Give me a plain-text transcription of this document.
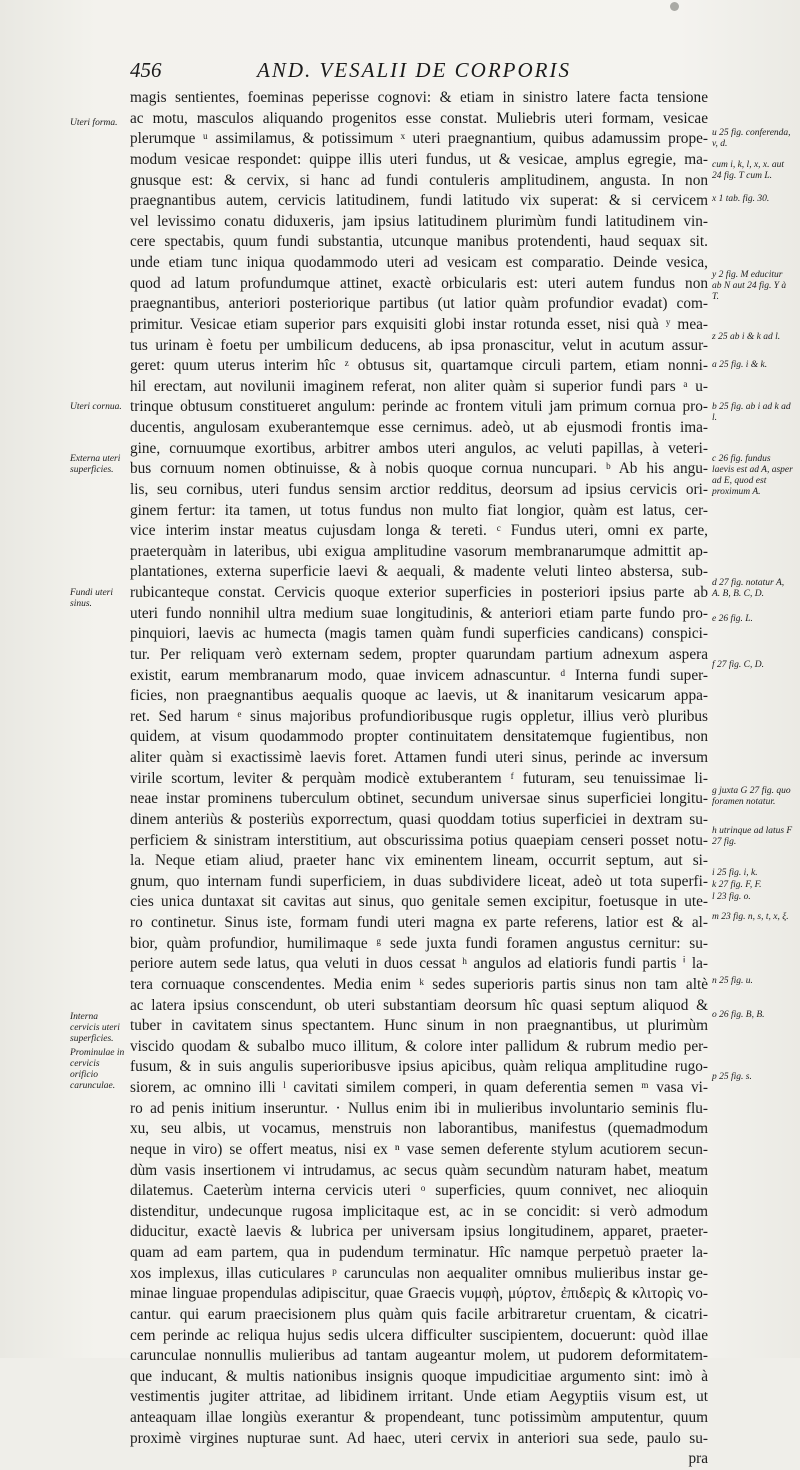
456	AND. VESALII DE CORPORIS
magis sentientes, foeminas peperisse cognovi: & etiam in sinistro latere facta tensione
ac motu, masculos aliquando progenitos esse constat. Muliebris uteri formam, vesicae
plerumque ᵘ assimilamus, & potissimum ˣ uteri praegnantium, quibus adamussim prope-
modum vesicae respondet: quippe illis uteri fundus, ut & vesicae, amplus egregie, ma-
gnusque est: & cervix, si hanc ad fundi contuleris amplitudinem, angusta. In non
praegnantibus autem, cervicis latitudinem, fundi latitudo vix superat: & si cervicem
vel levissimo conatu diduxeris, jam ipsius latitudinem plurimùm fundi latitudinem vin-
cere spectabis, quum fundi substantia, utcunque manibus protendenti, haud sequax sit.
unde etiam tunc iniqua quodammodo uteri ad vesicam est comparatio. Deinde vesica,
quod ad latum profundumque attinet, exactè orbicularis est: uteri autem fundus non
praegnantibus, anteriori posteriorique partibus (ut latior quàm profundior evadat) com-
primitur. Vesicae etiam superior pars exquisiti globi instar rotunda esset, nisi quà ʸ mea-
tus urinam è foetu per umbilicum deducens, ab ipsa pronascitur, velut in acutum assur-
geret: quum uterus interim hîc ᶻ obtusus sit, quartamque circuli partem, etiam nonni-
hil erectam, aut novilunii imaginem referat, non aliter quàm si superior fundi pars ᵃ u-
trinque obtusum constitueret angulum: perinde ac frontem vituli jam primum cornua pro-
ducentis, angulosam exuberantemque esse cernimus. adeò, ut ab ejusmodi frontis ima-
gine, cornuumque exortibus, arbitrer ambos uteri angulos, ac veluti papillas, à veteri-
bus cornuum nomen obtinuisse, & à nobis quoque cornua nuncupari. ᵇ Ab his angu-
lis, seu cornibus, uteri fundus sensim arctior redditus, deorsum ad ipsius cervicis ori-
ginem fertur: ita tamen, ut totus fundus non multo fiat longior, quàm est latus, cer-
vice interim instar meatus cujusdam longa & tereti. ᶜ Fundus uteri, omni ex parte,
praeterquàm in lateribus, ubi exigua amplitudine vasorum membranarumque admittit ap-
plantationes, externa superficie laevi & aequali, & madente veluti linteo abstersa, sub-
rubicanteque constat. Cervicis quoque exterior superficies in posteriori ipsius parte ab
uteri fundo nonnihil ultra medium suae longitudinis, & anteriori etiam parte fundo pro-
pinquiori, laevis ac humecta (magis tamen quàm fundi superficies candicans) conspici-
tur. Per reliquam verò externam sedem, propter quarundam partium adnexum aspera
existit, earum membranarum modo, quae invicem adnascuntur. ᵈ Interna fundi super-
ficies, non praegnantibus aequalis quoque ac laevis, ut & inanitarum vesicarum appa-
ret. Sed harum ᵉ sinus majoribus profundioribusque rugis oppletur, illius verò pluribus
quidem, at visum quodammodo propter continuitatem densitatemque fugientibus, non
aliter quàm si exactissimè laevis foret. Attamen fundi uteri sinus, perinde ac inversum
virile scortum, leviter & perquàm modicè extuberantem ᶠ futuram, seu tenuissimae li-
neae instar prominens tuberculum obtinet, secundum universae sinus superficiei longitu-
dinem anteriùs & posteriùs exporrectum, quasi quoddam totius superficiei in dextram su-
perficiem & sinistram interstitium, aut obscurissima potius quaepiam censeri posset notu-
la. Neque etiam aliud, praeter hanc vix eminentem lineam, occurrit septum, aut si-
gnum, quo internam fundi superficiem, in duas subdividere liceat, adeò ut tota superfi-
cies unica duntaxat sit cavitas aut sinus, quo genitale semen excipitur, foetusque in ute-
ro continetur. Sinus iste, formam fundi uteri magna ex parte referens, latior est & al-
bior, quàm profundior, humilimaque ᵍ sede juxta fundi foramen angustus cernitur: su-
periore autem sede latus, qua veluti in duos cessat ʰ angulos ad elatioris fundi partis ⁱ la-
tera cornuaque conscendentes. Media enim ᵏ sedes superioris partis sinus non tam altè
ac latera ipsius conscendunt, ob uteri substantiam deorsum hîc quasi septum aliquod &
tuber in cavitatem sinus spectantem. Hunc sinum in non praegnantibus, ut plurimùm
viscido quodam & subalbo muco illitum, & colore inter pallidum & rubrum medio per-
fusum, & in suis angulis superioribusve ipsius apicibus, quàm reliqua amplitudine rugo-
siorem, ac omnino illi ˡ cavitati similem comperi, in quam deferentia semen ᵐ vasa vi-
ro ad penis initium inseruntur. · Nullus enim ibi in mulieribus involuntario seminis flu-
xu, seu albis, ut vocamus, menstruis non laborantibus, manifestus (quemadmodum
neque in viro) se offert meatus, nisi ex ⁿ vase semen deferente stylum acutiorem secun-
dùm vasis insertionem vi intrudamus, ac secus quàm secundùm naturam habet, meatum
dilatemus. Caeterùm interna cervicis uteri ᵒ superficies, quum connivet, nec alioquin
distenditur, undecunque rugosa implicitaque est, ac in se concidit: si verò admodum
diducitur, exactè laevis & lubrica per universam ipsius longitudinem, apparet, praeter-
quam ad eam partem, qua in pudendum terminatur. Hîc namque perpetuò praeter la-
xos implexus, illas cuticulares ᵖ carunculas non aequaliter omnibus mulieribus instar ge-
minae linguae propendulas adipiscitur, quae Graecis νυμφὴ, μύρτον, ἐπιδερὶς & κλιτορὶς vo-
cantur. qui earum praecisionem plus quàm quis facile arbitraretur cruentam, & cicatri-
cem perinde ac reliqua hujus sedis ulcera difficulter suscipientem, docuerunt: quòd illae
carunculae nonnullis mulieribus ad tantam augeantur molem, ut pudorem deformitatem-
que inducant, & multis nationibus insignis quoque impudicitiae argumento sint: imò à
vestimentis jugiter attritae, ad libidinem irritant. Unde etiam Aegyptiis visum est, ut
anteaquam illae longiùs exerantur & propendeant, tunc potissimùm amputentur, quum
proximè virgines nupturae sunt. Ad haec, uteri cervix in anteriori sua sede, paulo su-
pra
Uteri forma.
Uteri cornua.
Externa uteri superficies.
Fundi uteri sinus.
Interna cervicis uteri superficies.
Prominulae in cervicis orificio carunculae.
u 25 fig. conferenda, v, d.
cum i, k, l, x, x. aut 24 fig. T cum L.
x 1 tab. fig. 30.
y 2 fig. M educitur ab N aut 24 fig. Y à T.
z 25 ab i & k ad l.
a 25 fig. i & k.
b 25 fig. ab i ad k ad l.
c 26 fig. fundus laevis est ad A, asper ad E, quod est proximum A.
d 27 fig. notatur A, A. B, B. C, D.
e 26 fig. L.
f 27 fig. C, D.
g juxta G 27 fig. quo foramen notatur.
h utrinque ad latus F 27 fig.
i 25 fig. i, k.
k 27 fig. F, F.
l 23 fig. o.
m 23 fig. n, s, t, x, ξ.
n 25 fig. u.
o 26 fig. B, B.
p 25 fig. s.
